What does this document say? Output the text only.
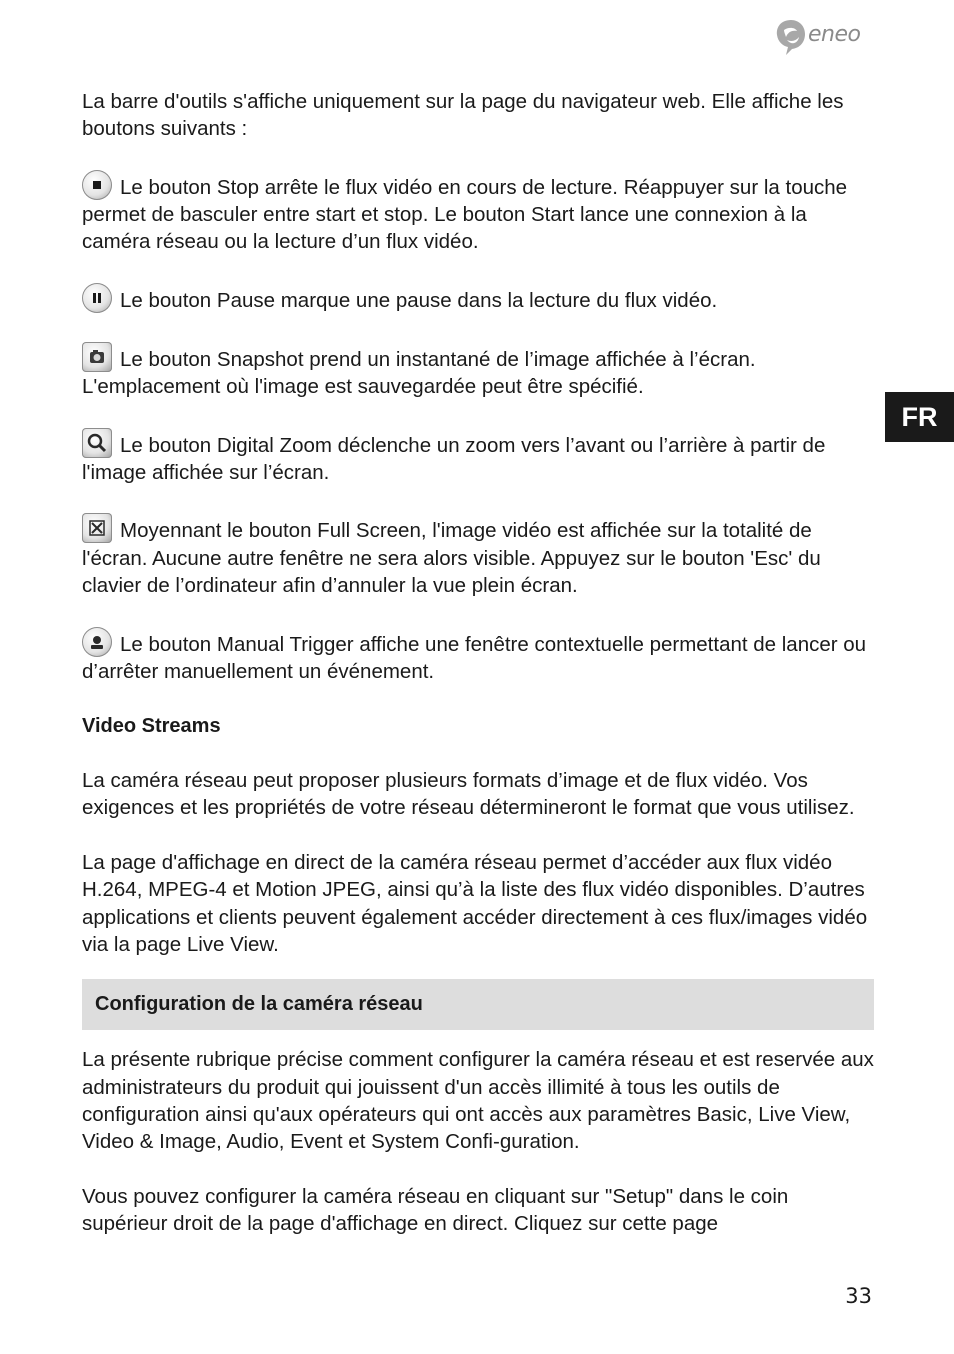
eneo
FR

La barre d'outils s'affiche uniquement sur la page du navigateur web. Elle affiche les boutons suivants :

Le bouton Stop arrête le flux vidéo en cours de lecture. Réappuyer sur la touche permet de basculer entre start et stop. Le bouton Start lance une connexion à la caméra réseau ou la lecture d’un flux vidéo.

Le bouton Pause marque une pause dans la lecture du flux vidéo.

Le bouton Snapshot prend un instantané de l’image affichée à l’écran. L'emplacement où l'image est sauvegardée peut être spécifié.

Le bouton Digital Zoom déclenche un zoom vers l’avant ou l’arrière à partir de l'image affichée sur l’écran.

Moyennant le bouton Full Screen, l'image vidéo est affichée sur la totalité de l'écran. Aucune autre fenêtre ne sera alors visible. Appuyez sur le bouton 'Esc' du clavier de l’ordinateur afin d’annuler la vue plein écran.

Le bouton Manual Trigger affiche une fenêtre contextuelle permettant de lancer ou d’arrêter manuellement un événement.

Video Streams

La caméra réseau peut proposer plusieurs formats d’image et de flux vidéo. Vos exigences et les propriétés de votre réseau détermineront le format que vous utilisez.

La page d'affichage en direct de la caméra réseau permet d’accéder aux flux vidéo H.264, MPEG-4 et Motion JPEG, ainsi qu’à la liste des flux vidéo disponibles. D’autres applications et clients peuvent également accéder directement à ces flux/images vidéo via la page Live View.

Configuration de la caméra réseau

La présente rubrique précise comment configurer la caméra réseau et est reservée aux administrateurs du produit qui jouissent d'un accès illimité à tous les outils de configuration ainsi qu'aux opérateurs qui ont accès aux paramètres Basic, Live View, Video & Image, Audio, Event et System Confi-guration.

Vous pouvez configurer la caméra réseau en cliquant sur "Setup" dans le coin supérieur droit de la page d'affichage en direct. Cliquez sur cette page

33
